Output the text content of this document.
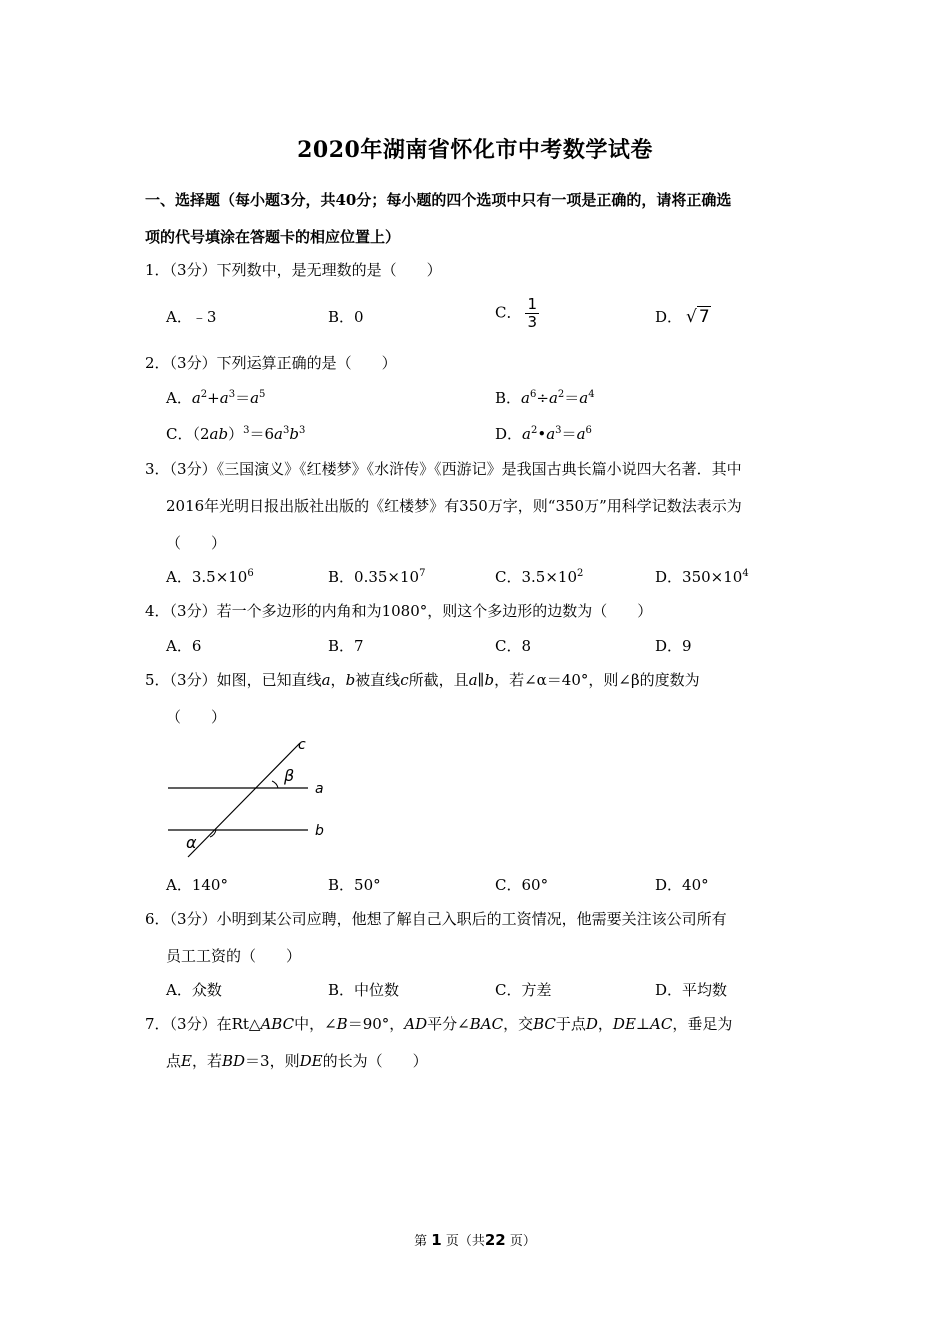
2020年湖南省怀化市中考数学试卷
一、选择题（每小题3分，共40分；每小题的四个选项中只有一项是正确的，请将正确选
项的代号填涂在答题卡的相应位置上）
1．（3分）下列数中，是无理数的是（　　）
A．﹣3	B．0	C． $\frac{1}{3}$	D． √ 7
2．（3分）下列运算正确的是（　　）
A．$a^2+a^3=a^5$	B．$a^6\div a^2=a^4$
C．$(2ab)^3=6a^3b^3$	D．$a^2•a^3=a^6$
3．（3分）《三国演义》《红楼梦》《水浒传》《西游记》是我国古典长篇小说四大名著．其中
2016年光明日报出版社出版的《红楼梦》有350万字，则“350万”用科学记数法表示为
（　　）
A．$3.5\times 10^6$	B．$0.35\times 10^7$	C．$3.5\times 10^2$	D．$350\times 10^4$
4．（3分）若一个多边形的内角和为1080°，则这个多边形的边数为（　　）
A．6	B．7	C．8	D．9
5．（3分）如图，已知直线a，b被直线c所截，且a∥b，若∠α＝40°，则∠β的度数为
（　　）
c
β
a
b
α
A．140°	B．50°	C．60°	D．40°
6．（3分）小明到某公司应聘，他想了解自己入职后的工资情况，他需要关注该公司所有
员工工资的（　　）
A．众数	B．中位数	C．方差	D．平均数
7．（3分）在Rt△ABC中，∠B＝90°，AD平分∠BAC，交BC于点D，DE⊥AC，垂足为
点E，若BD＝3，则DE的长为（　　）
第 1 页（共22 页）
